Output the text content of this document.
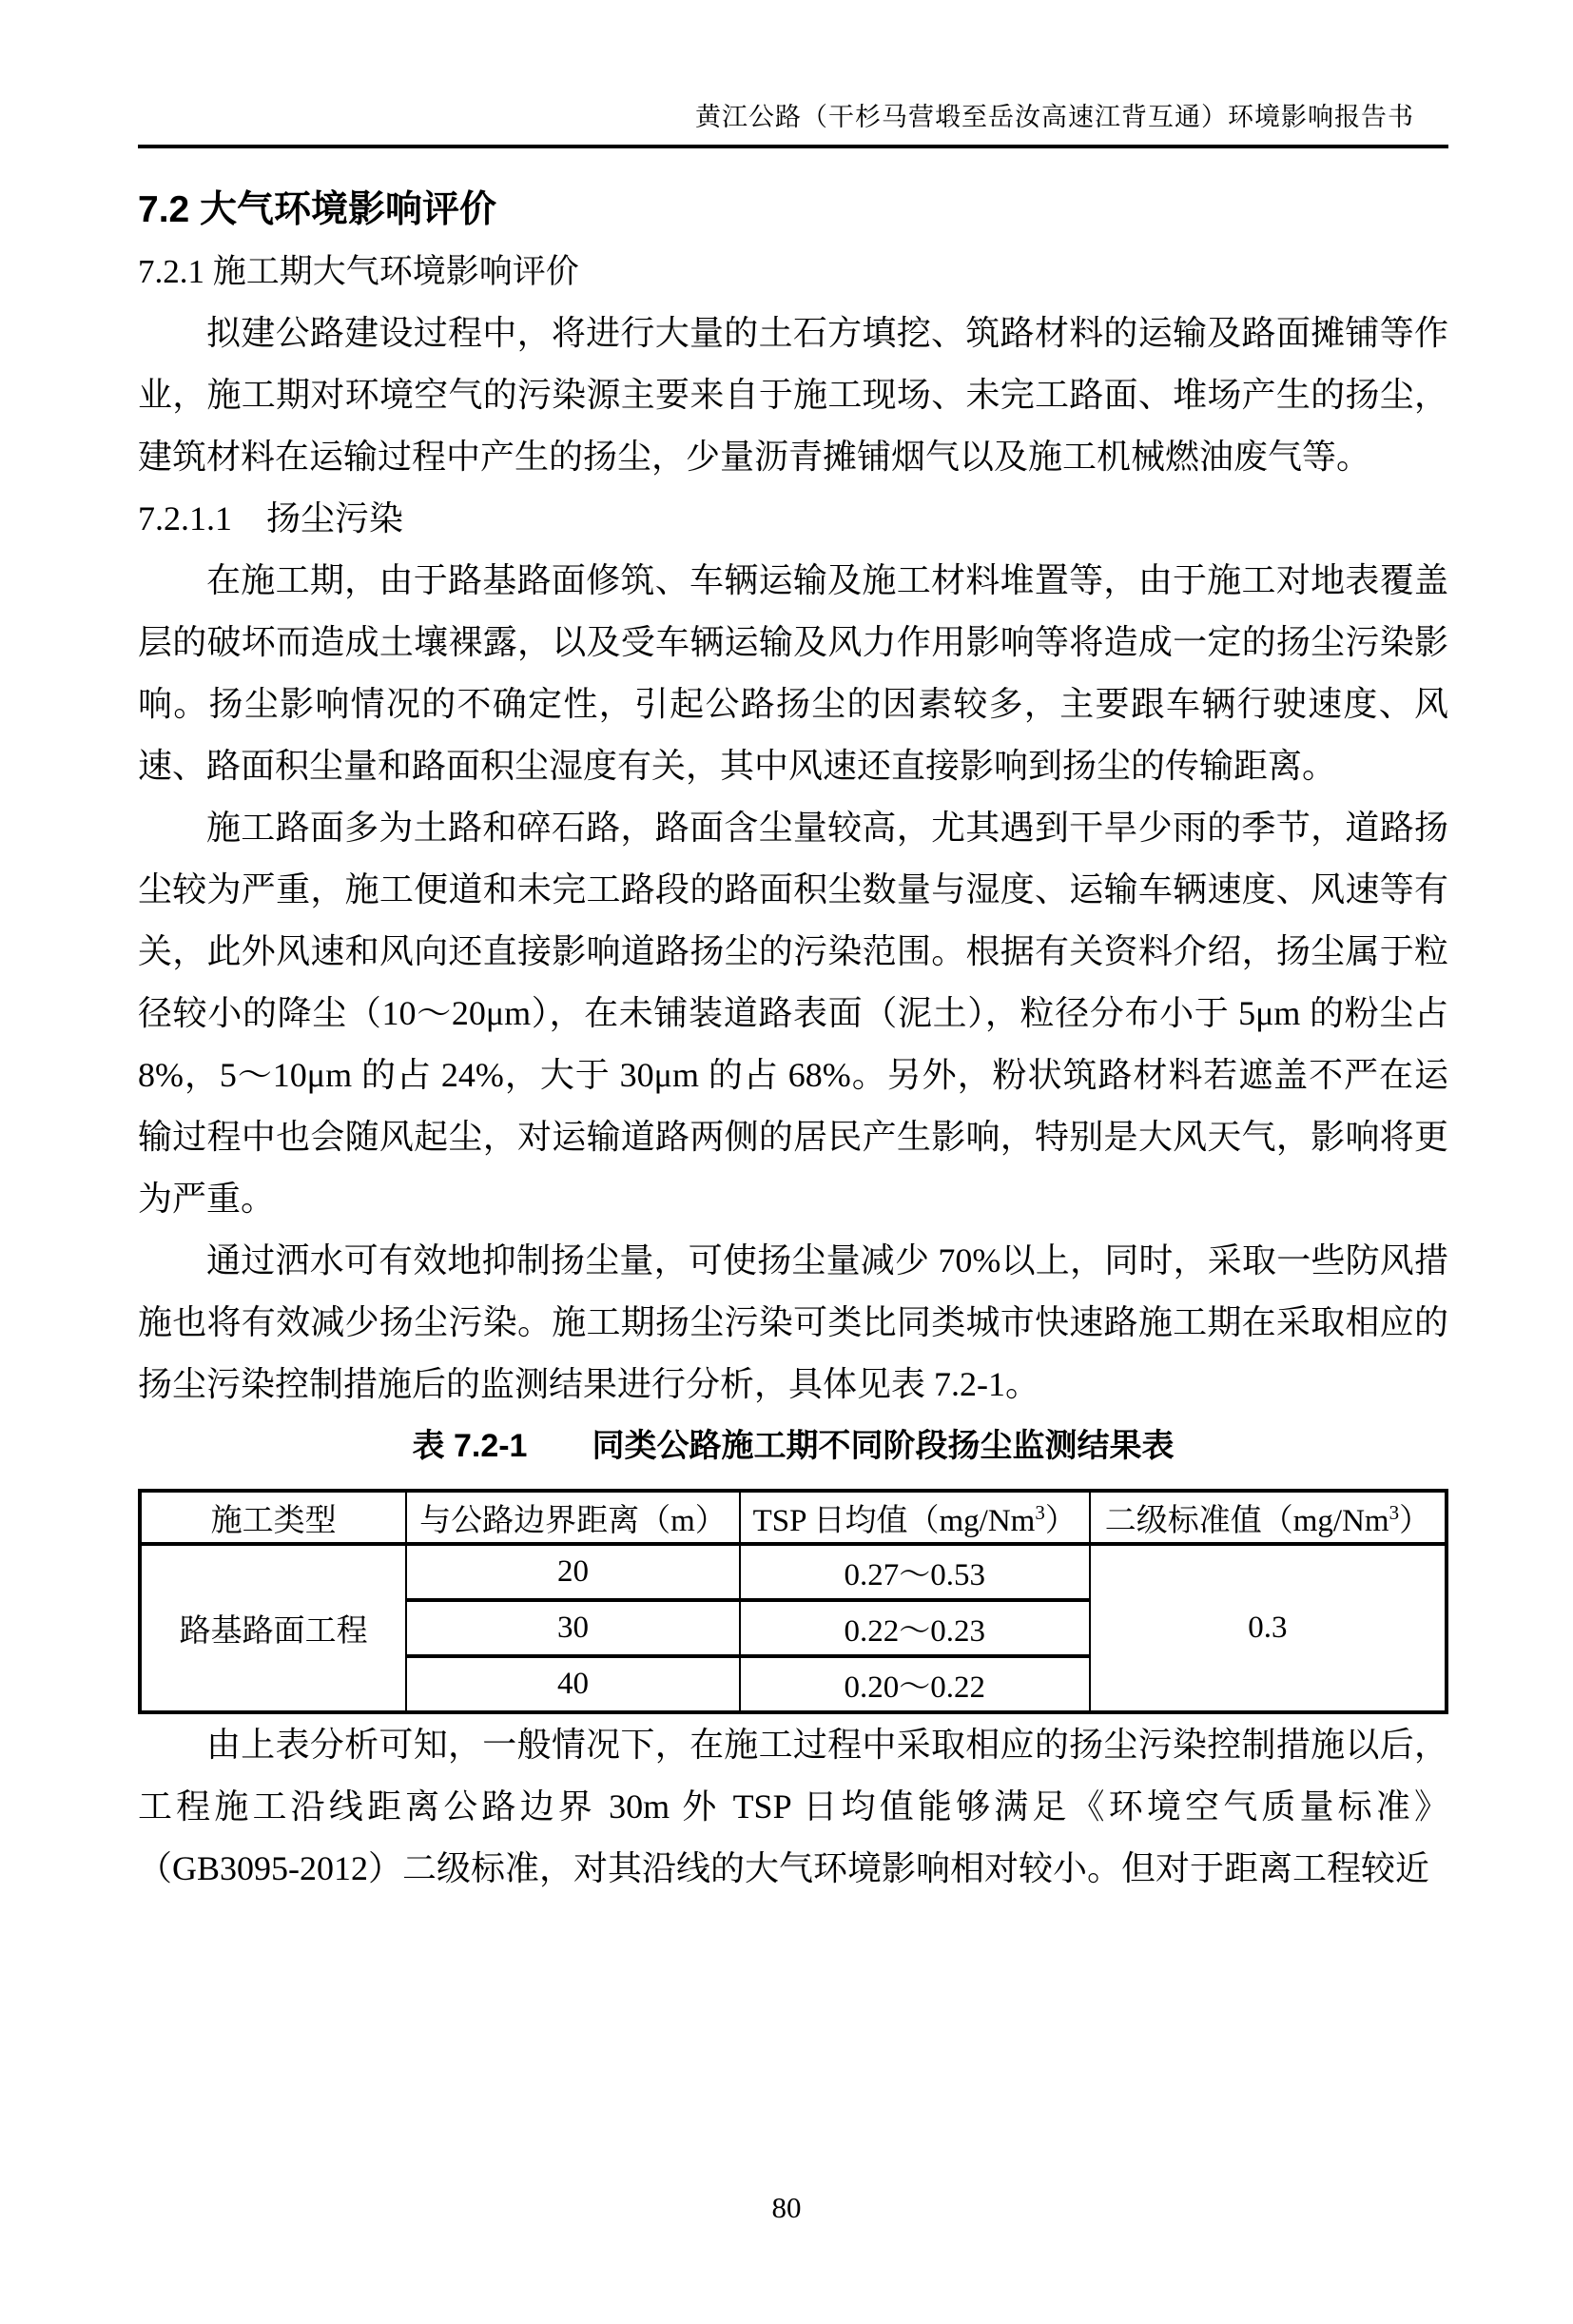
黄江公路（干杉马营塅至岳汝高速江背互通）环境影响报告书
7.2 大气环境影响评价
7.2.1 施工期大气环境影响评价

拟建公路建设过程中，将进行大量的土石方填挖、筑路材料的运输及路面摊铺等作业，施工期对环境空气的污染源主要来自于施工现场、未完工路面、堆场产生的扬尘，建筑材料在运输过程中产生的扬尘，少量沥青摊铺烟气以及施工机械燃油废气等。

7.2.1.1　扬尘污染

在施工期，由于路基路面修筑、车辆运输及施工材料堆置等，由于施工对地表覆盖层的破坏而造成土壤裸露，以及受车辆运输及风力作用影响等将造成一定的扬尘污染影响。扬尘影响情况的不确定性，引起公路扬尘的因素较多，主要跟车辆行驶速度、风速、路面积尘量和路面积尘湿度有关，其中风速还直接影响到扬尘的传输距离。

施工路面多为土路和碎石路，路面含尘量较高，尤其遇到干旱少雨的季节，道路扬尘较为严重，施工便道和未完工路段的路面积尘数量与湿度、运输车辆速度、风速等有关，此外风速和风向还直接影响道路扬尘的污染范围。根据有关资料介绍，扬尘属于粒径较小的降尘（10～20μm），在未铺装道路表面（泥土），粒径分布小于 5μm 的粉尘占 8%，5～10μm 的占 24%，大于 30μm 的占 68%。另外，粉状筑路材料若遮盖不严在运输过程中也会随风起尘，对运输道路两侧的居民产生影响，特别是大风天气，影响将更为严重。

通过洒水可有效地抑制扬尘量，可使扬尘量减少 70%以上，同时，采取一些防风措施也将有效减少扬尘污染。施工期扬尘污染可类比同类城市快速路施工期在采取相应的扬尘污染控制措施后的监测结果进行分析，具体见表 7.2-1。

表 7.2-1　　同类公路施工期不同阶段扬尘监测结果表

施工类型	与公路边界距离（m）	TSP 日均值（mg/Nm$^3$）	二级标准值（mg/Nm$^3$）
路基路面工程	20	0.27～0.53	0.3
	30	0.22～0.23	
	40	0.20～0.22	

由上表分析可知，一般情况下，在施工过程中采取相应的扬尘污染控制措施以后，工程施工沿线距离公路边界 30m 外 TSP 日均值能够满足《环境空气质量标准》（GB3095-2012）二级标准，对其沿线的大气环境影响相对较小。但对于距离工程较近

80
